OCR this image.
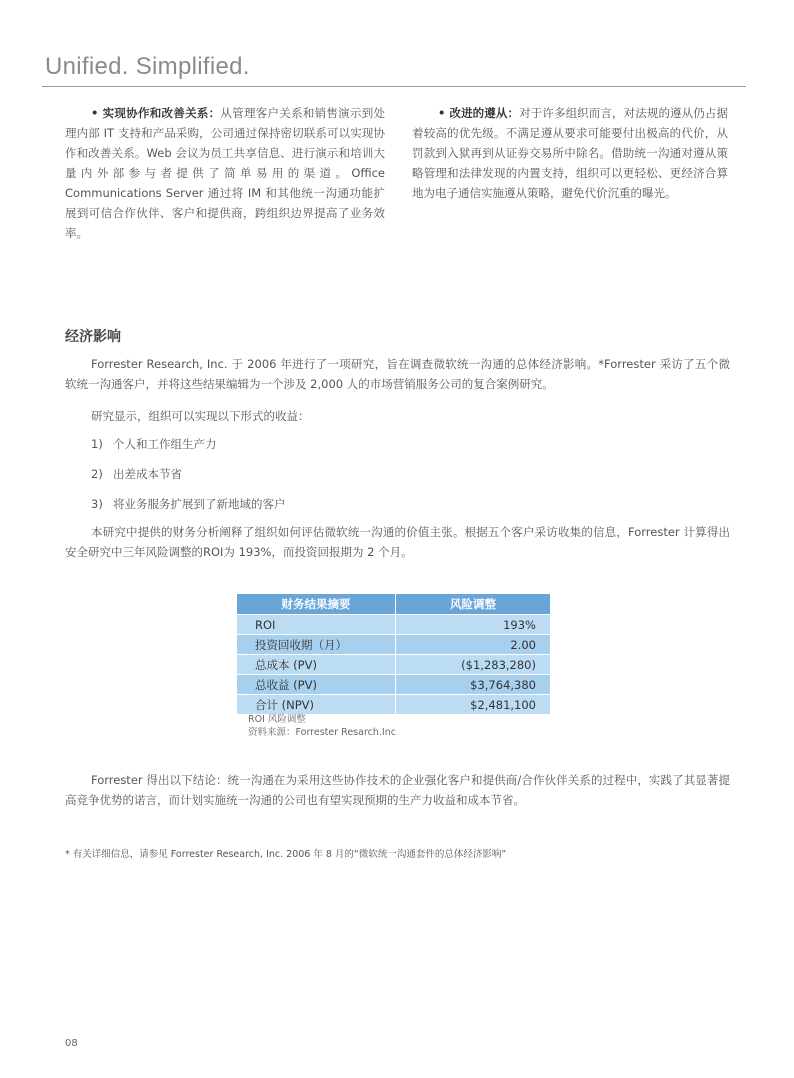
Unified. Simplified.
• 实现协作和改善关系：从管理客户关系和销售演示到处理内部 IT 支持和产品采购，公司通过保持密切联系可以实现协作和改善关系。Web 会议为员工共享信息、进行演示和培训大量内外部参与者提供了简单易用的渠道。Office Communications Server 通过将 IM 和其他统一沟通功能扩展到可信合作伙伴、客户和提供商，跨组织边界提高了业务效率。
• 改进的遵从：对于许多组织而言，对法规的遵从仍占据着较高的优先级。不满足遵从要求可能要付出极高的代价，从罚款到入狱再到从证券交易所中除名。借助统一沟通对遵从策略管理和法律发现的内置支持，组织可以更轻松、更经济合算地为电子通信实施遵从策略，避免代价沉重的曝光。
经济影响
Forrester Research, Inc. 于 2006 年进行了一项研究，旨在调查微软统一沟通的总体经济影响。*Forrester 采访了五个微软统一沟通客户，并将这些结果编辑为一个涉及 2,000 人的市场营销服务公司的复合案例研究。
研究显示，组织可以实现以下形式的收益：
1) 个人和工作组生产力
2) 出差成本节省
3) 将业务服务扩展到了新地域的客户
本研究中提供的财务分析阐释了组织如何评估微软统一沟通的价值主张。根据五个客户采访收集的信息，Forrester 计算得出安全研究中三年风险调整的ROI为 193%，而投资回报期为 2 个月。
财务结果摘要	风险调整
ROI	193%
投资回收期（月）	2.00
总成本 (PV)	($1,283,280)
总收益 (PV)	$3,764,380
合计 (NPV)	$2,481,100
ROI 风险调整
资料来源：Forrester Resarch.Inc
Forrester 得出以下结论：统一沟通在为采用这些协作技术的企业强化客户和提供商/合作伙伴关系的过程中，实践了其显著提高竞争优势的诺言，而计划实施统一沟通的公司也有望实现预期的生产力收益和成本节省。
* 有关详细信息，请参见 Forrester Research, Inc. 2006 年 8 月的“微软统一沟通套件的总体经济影响”
08
